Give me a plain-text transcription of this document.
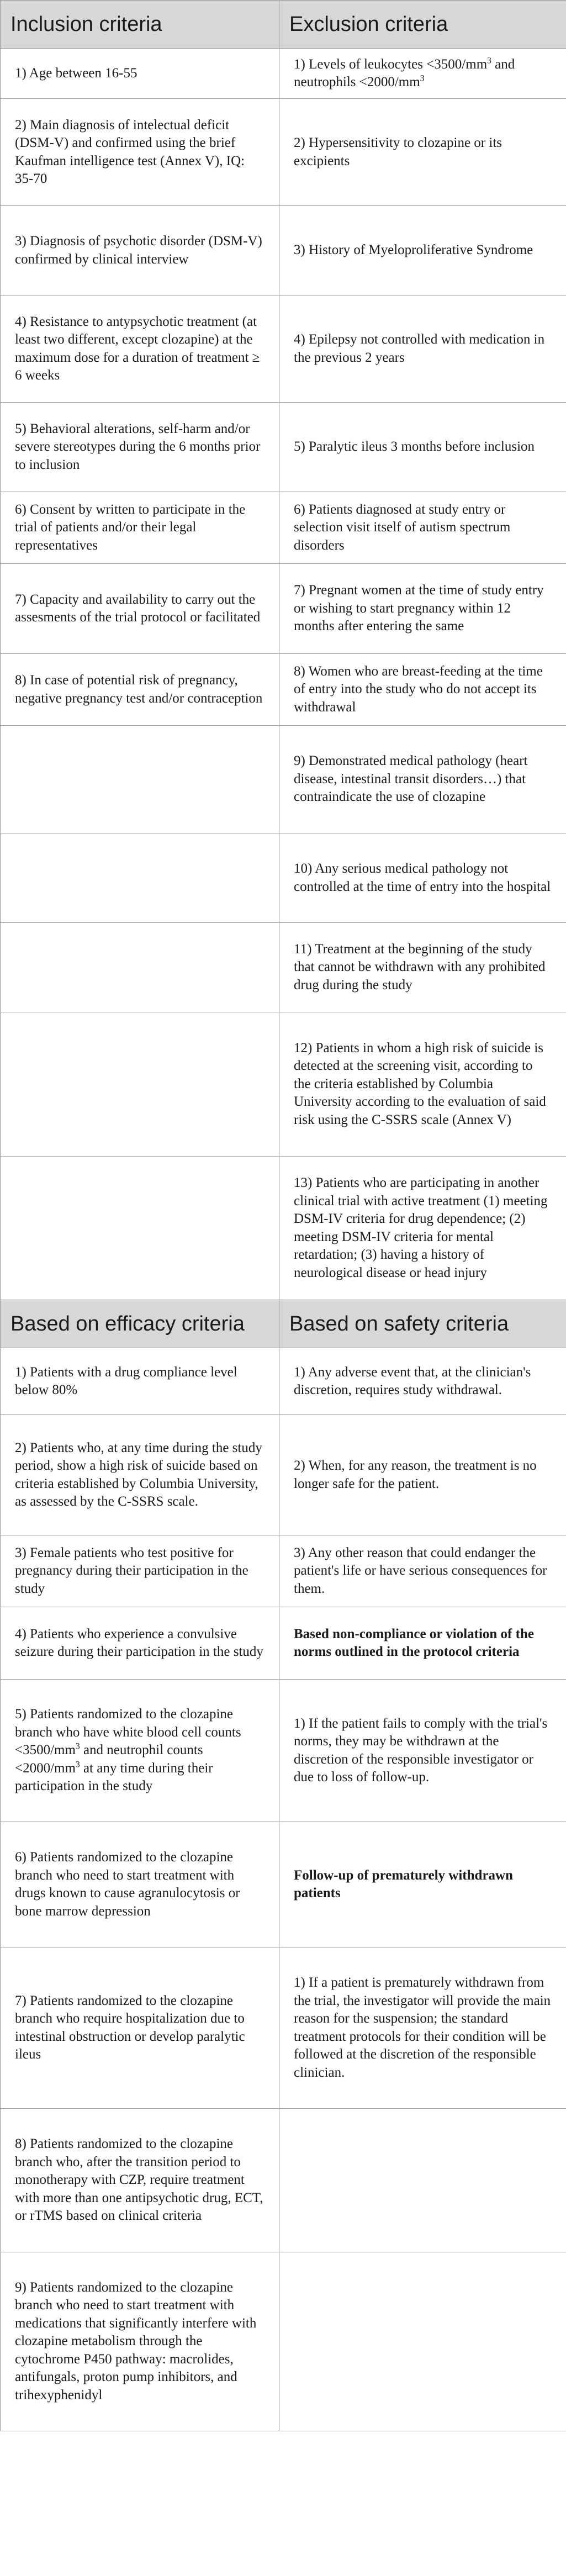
Inclusion criteria	Exclusion criteria
1) Age between 16-55	1) Levels of leukocytes $<3500/mm^3$ and neutrophils $<2000/mm^3$
2) Main diagnosis of intelectual deficit (DSM-V) and confirmed using the brief Kaufman intelligence test (Annex V), IQ: 35-70	2) Hypersensitivity to clozapine or its excipients
3) Diagnosis of psychotic disorder (DSM-V) confirmed by clinical interview	3) History of Myeloproliferative Syndrome
4) Resistance to antypsychotic treatment (at least two different, except clozapine) at the maximum dose for a duration of treatment ≥ 6 weeks	4) Epilepsy not controlled with medication in the previous 2 years
5) Behavioral alterations, self-harm and/or severe stereotypes during the 6 months prior to inclusion	5) Paralytic ileus 3 months before inclusion
6) Consent by written to participate in the trial of patients and/or their legal representatives	6) Patients diagnosed at study entry or selection visit itself of autism spectrum disorders
7) Capacity and availability to carry out the assesments of the trial protocol or facilitated	7) Pregnant women at the time of study entry or wishing to start pregnancy within 12 months after entering the same
8) In case of potential risk of pregnancy, negative pregnancy test and/or contraception	8) Women who are breast-feeding at the time of entry into the study who do not accept its withdrawal
	9) Demonstrated medical pathology (heart disease, intestinal transit disorders…) that contraindicate the use of clozapine
	10) Any serious medical pathology not controlled at the time of entry into the hospital
	11) Treatment at the beginning of the study that cannot be withdrawn with any prohibited drug during the study
	12) Patients in whom a high risk of suicide is detected at the screening visit, according to the criteria established by Columbia University according to the evaluation of said risk using the C-SSRS scale (Annex V)
	13) Patients who are participating in another clinical trial with active treatment (1) meeting DSM-IV criteria for drug dependence; (2) meeting DSM-IV criteria for mental retardation; (3) having a history of neurological disease or head injury
Based on efficacy criteria	Based on safety criteria
1) Patients with a drug compliance level below 80%	1) Any adverse event that, at the clinician's discretion, requires study withdrawal.
2) Patients who, at any time during the study period, show a high risk of suicide based on criteria established by Columbia University, as assessed by the C-SSRS scale.	2) When, for any reason, the treatment is no longer safe for the patient.
3) Female patients who test positive for pregnancy during their participation in the study	3) Any other reason that could endanger the patient's life or have serious consequences for them.
4) Patients who experience a convulsive seizure during their participation in the study	Based non-compliance or violation of the norms outlined in the protocol criteria
5) Patients randomized to the clozapine branch who have white blood cell counts $<3500/mm^3$ and neutrophil counts $<2000/mm^3$ at any time during their participation in the study	1) If the patient fails to comply with the trial's norms, they may be withdrawn at the discretion of the responsible investigator or due to loss of follow-up.
6) Patients randomized to the clozapine branch who need to start treatment with drugs known to cause agranulocytosis or bone marrow depression	Follow-up of prematurely withdrawn patients
7) Patients randomized to the clozapine branch who require hospitalization due to intestinal obstruction or develop paralytic ileus	1) If a patient is prematurely withdrawn from the trial, the investigator will provide the main reason for the suspension; the standard treatment protocols for their condition will be followed at the discretion of the responsible clinician.
8) Patients randomized to the clozapine branch who, after the transition period to monotherapy with CZP, require treatment with more than one antipsychotic drug, ECT, or rTMS based on clinical criteria	
9) Patients randomized to the clozapine branch who need to start treatment with medications that significantly interfere with clozapine metabolism through the cytochrome P450 pathway: macrolides, antifungals, proton pump inhibitors, and trihexyphenidyl	
